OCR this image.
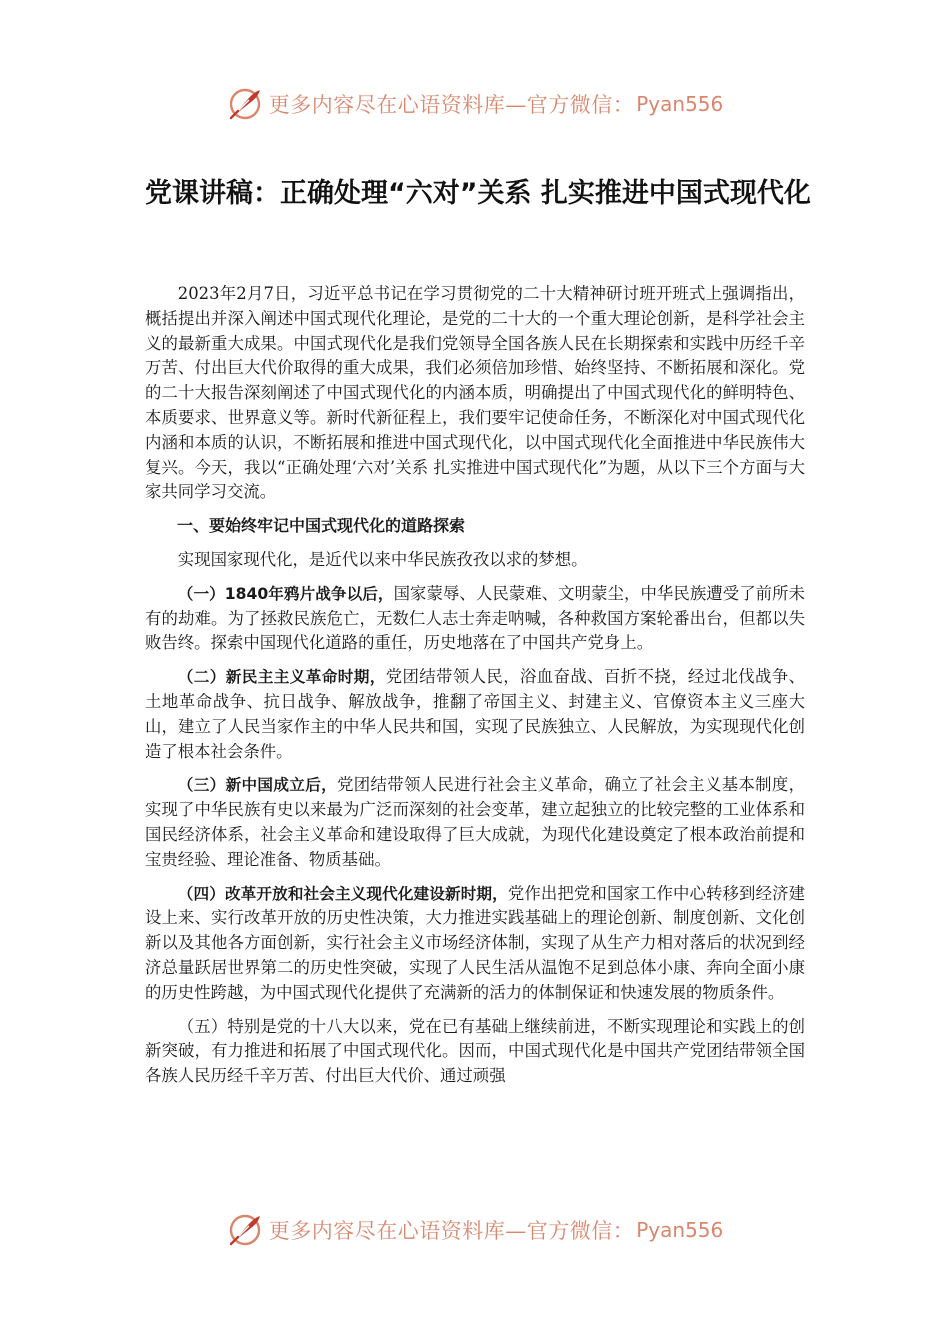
更多内容尽在心语资料库—官方微信： Pyan556
党课讲稿：正确处理“六对”关系 扎实推进中国式现代化

2023年2月7日，习近平总书记在学习贯彻党的二十大精神研讨班开班式上强调指出，概括提出并深入阐述中国式现代化理论，是党的二十大的一个重大理论创新，是科学社会主义的最新重大成果。中国式现代化是我们党领导全国各族人民在长期探索和实践中历经千辛万苦、付出巨大代价取得的重大成果，我们必须倍加珍惜、始终坚持、不断拓展和深化。党的二十大报告深刻阐述了中国式现代化的内涵本质，明确提出了中国式现代化的鲜明特色、本质要求、世界意义等。新时代新征程上，我们要牢记使命任务，不断深化对中国式现代化内涵和本质的认识，不断拓展和推进中国式现代化，以中国式现代化全面推进中华民族伟大复兴。今天，我以“正确处理‘六对’关系 扎实推进中国式现代化”为题，从以下三个方面与大家共同学习交流。

一、要始终牢记中国式现代化的道路探索

实现国家现代化，是近代以来中华民族孜孜以求的梦想。

（一）1840年鸦片战争以后，国家蒙辱、人民蒙难、文明蒙尘，中华民族遭受了前所未有的劫难。为了拯救民族危亡，无数仁人志士奔走呐喊，各种救国方案轮番出台，但都以失败告终。探索中国现代化道路的重任，历史地落在了中国共产党身上。

（二）新民主主义革命时期，党团结带领人民，浴血奋战、百折不挠，经过北伐战争、土地革命战争、抗日战争、解放战争，推翻了帝国主义、封建主义、官僚资本主义三座大山，建立了人民当家作主的中华人民共和国，实现了民族独立、人民解放，为实现现代化创造了根本社会条件。

（三）新中国成立后，党团结带领人民进行社会主义革命，确立了社会主义基本制度，实现了中华民族有史以来最为广泛而深刻的社会变革，建立起独立的比较完整的工业体系和国民经济体系，社会主义革命和建设取得了巨大成就，为现代化建设奠定了根本政治前提和宝贵经验、理论准备、物质基础。

（四）改革开放和社会主义现代化建设新时期，党作出把党和国家工作中心转移到经济建设上来、实行改革开放的历史性决策，大力推进实践基础上的理论创新、制度创新、文化创新以及其他各方面创新，实行社会主义市场经济体制，实现了从生产力相对落后的状况到经济总量跃居世界第二的历史性突破，实现了人民生活从温饱不足到总体小康、奔向全面小康的历史性跨越，为中国式现代化提供了充满新的活力的体制保证和快速发展的物质条件。

（五）特别是党的十八大以来，党在已有基础上继续前进，不断实现理论和实践上的创新突破，有力推进和拓展了中国式现代化。因而，中国式现代化是中国共产党团结带领全国各族人民历经千辛万苦、付出巨大代价、通过顽强

更多内容尽在心语资料库—官方微信： Pyan556
